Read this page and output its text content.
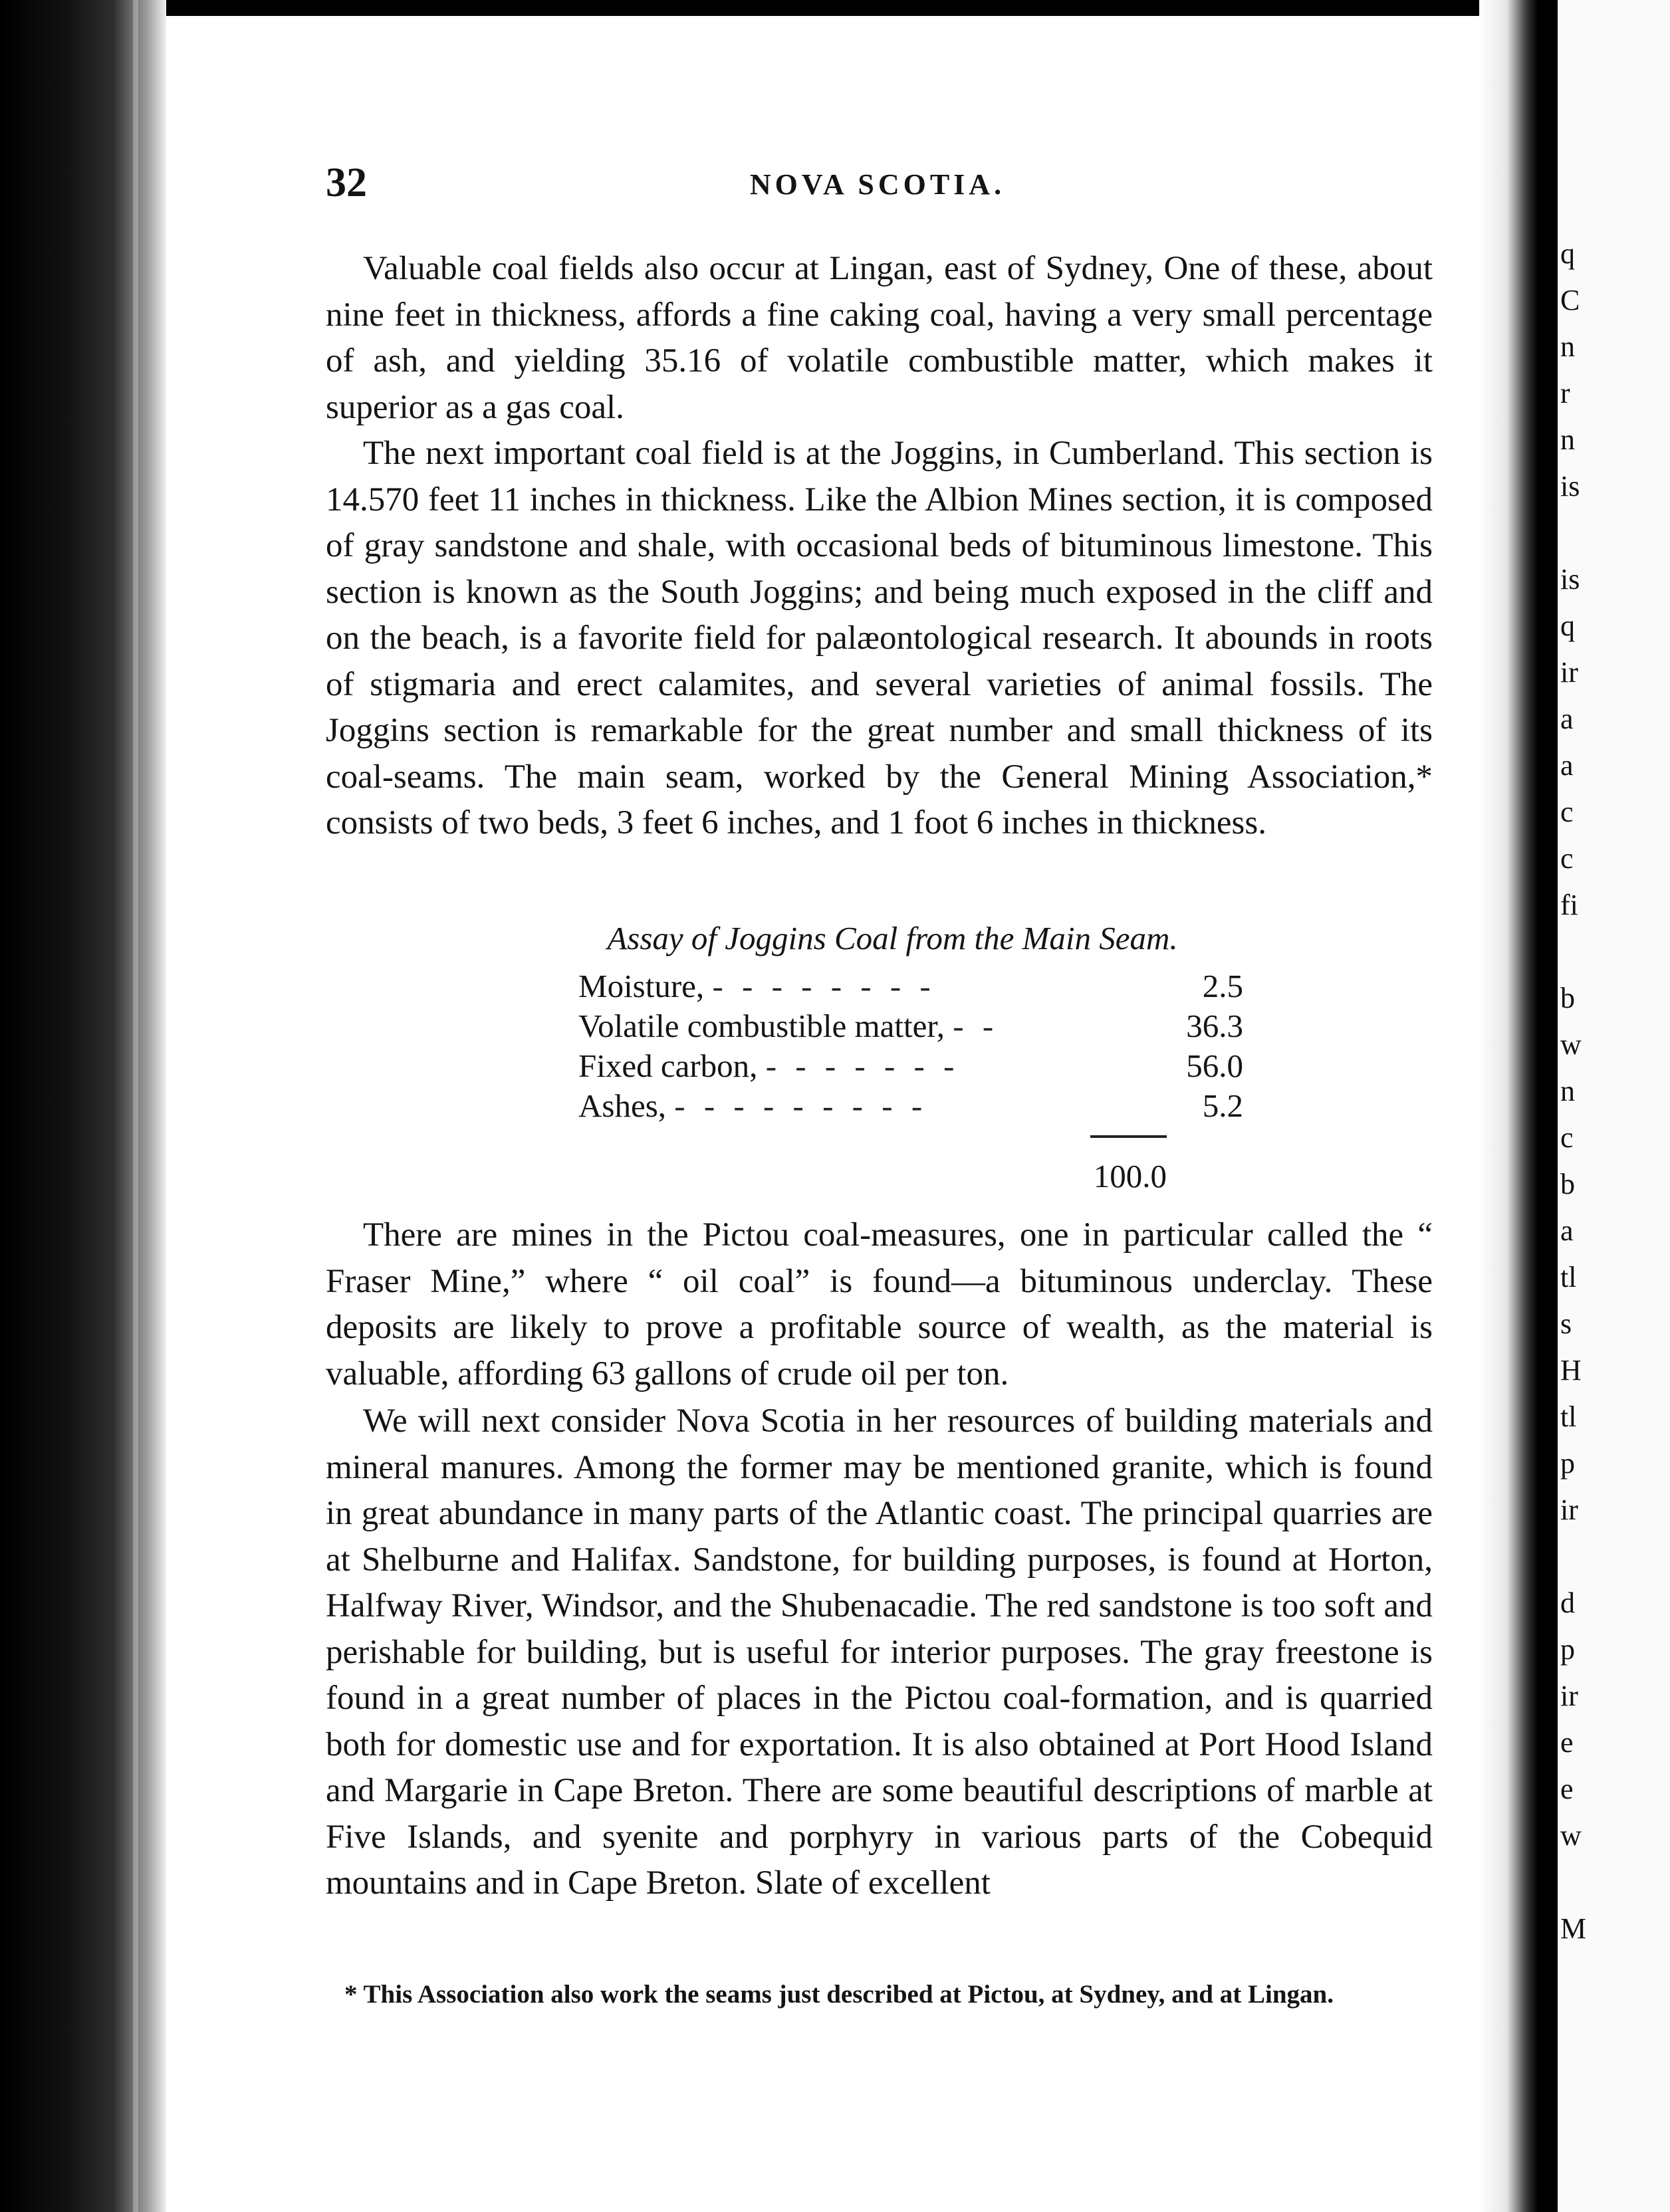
q
C
n
r
n
is
is
q
ir
a
a
c
c
fi
b
w
n
c
b
a
tl
s
H
tl
p
ir
d
p
ir
e
e
w
M
32	NOVA SCOTIA.

Valuable coal fields also occur at Lingan, east of Sydney, One of these, about nine feet in thickness, affords a fine caking coal, having a very small percentage of ash, and yielding 35.16 of volatile combustible matter, which makes it superior as a gas coal.

The next important coal field is at the Joggins, in Cumberland. This section is 14.570 feet 11 inches in thickness. Like the Albion Mines section, it is composed of gray sandstone and shale, with occasional beds of bituminous limestone. This section is known as the South Joggins; and being much exposed in the cliff and on the beach, is a favorite field for palæontological research. It abounds in roots of stigmaria and erect calamites, and several varieties of animal fossils. The Joggins section is remarkable for the great number and small thickness of its coal-seams. The main seam, worked by the General Mining Association,* consists of two beds, 3 feet 6 inches, and 1 foot 6 inches in thickness.

Assay of Joggins Coal from the Main Seam.
Moisture, - - - - - - - -	2.5
Volatile combustible matter, - -	36.3
Fixed carbon, - - - - - - -	56.0
Ashes, - - - - - - - - -	5.2
100.0

There are mines in the Pictou coal-measures, one in particular called the “ Fraser Mine,” where “ oil coal” is found—a bituminous underclay. These deposits are likely to prove a profitable source of wealth, as the material is valuable, affording 63 gallons of crude oil per ton.

We will next consider Nova Scotia in her resources of building materials and mineral manures. Among the former may be mentioned granite, which is found in great abundance in many parts of the Atlantic coast. The principal quarries are at Shelburne and Halifax. Sandstone, for building purposes, is found at Horton, Halfway River, Windsor, and the Shubenacadie. The red sandstone is too soft and perishable for building, but is useful for interior purposes. The gray freestone is found in a great number of places in the Pictou coal-formation, and is quarried both for domestic use and for exportation. It is also obtained at Port Hood Island and Margarie in Cape Breton. There are some beautiful descriptions of marble at Five Islands, and syenite and porphyry in various parts of the Cobequid mountains and in Cape Breton. Slate of excellent

* This Association also work the seams just described at Pictou, at Sydney, and at Lingan.
